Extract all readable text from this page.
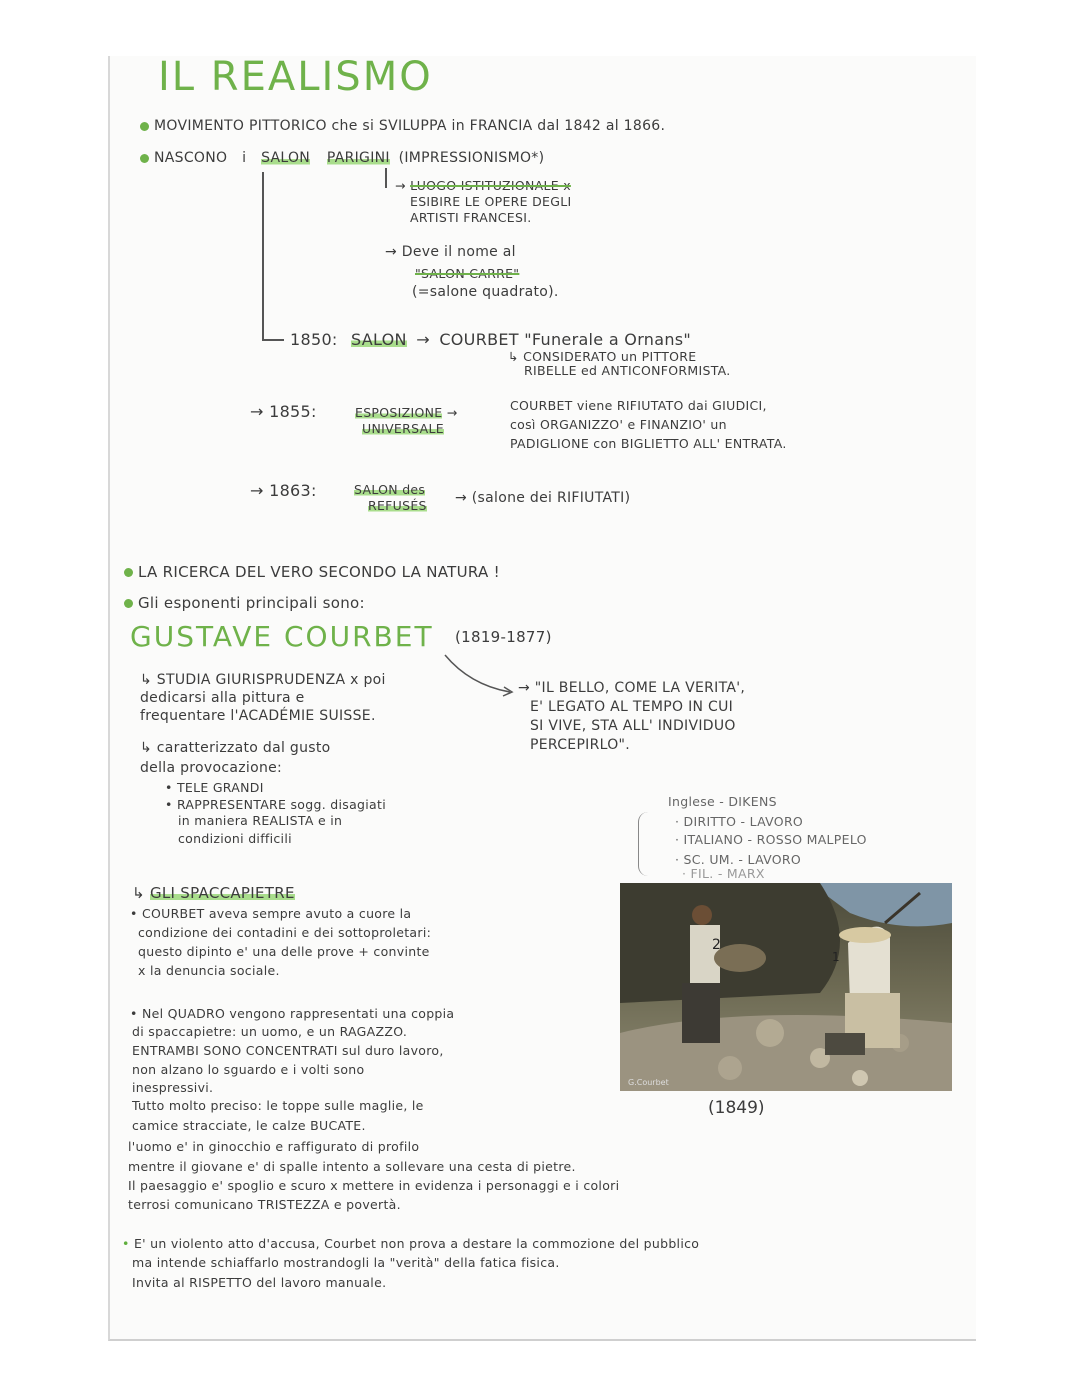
IL REALISMO
MOVIMENTO PITTORICO che si SVILUPPA in FRANCIA dal 1842 al 1866.
NASCONO i SALON PARIGINI (IMPRESSIONISMO*)
→ LUOGO ISTITUZIONALE x
ESIBIRE LE OPERE DEGLI
ARTISTI FRANCESI.
→ Deve il nome al
"SALON CARRE"
(=salone quadrato).
1850: SALON → COURBET "Funerale a Ornans"
↳ CONSIDERATO un PITTORE
RIBELLE ed ANTICONFORMISTA.
→ 1855:	ESPOSIZIONE →
UNIVERSALE
COURBET viene RIFIUTATO dai GIUDICI,
così ORGANIZZO' e FINANZIO' un
PADIGLIONE con BIGLIETTO ALL' ENTRATA.
→ 1863:	SALON des
REFUSÉS → (salone dei RIFIUTATI)
LA RICERCA DEL VERO SECONDO LA NATURA !
Gli esponenti principali sono:
GUSTAVE COURBET (1819-1877)
↳ STUDIA GIURISPRUDENZA x poi
dedicarsi alla pittura e
frequentare l'ACADÉMIE SUISSE.
→ "IL BELLO, COME LA VERITA',
E' LEGATO AL TEMPO IN CUI
SI VIVE, STA ALL' INDIVIDUO
PERCEPIRLO".
↳ caratterizzato dal gusto
della provocazione:
• TELE GRANDI
• RAPPRESENTARE sogg. disagiati
in maniera REALISTA e in
condizioni difficili
Inglese - DIKENS
· DIRITTO - LAVORO
· ITALIANO - ROSSO MALPELO
· SC. UM. - LAVORO
· FIL. - MARX
↳ GLI SPACCAPIETRE
• COURBET aveva sempre avuto a cuore la
condizione dei contadini e dei sottoproletari:
questo dipinto e' una delle prove + convinte
x la denuncia sociale.
• Nel QUADRO vengono rappresentati una coppia
di spaccapietre: un uomo, e un RAGAZZO.
ENTRAMBI SONO CONCENTRATI sul duro lavoro,
non alzano lo sguardo e i volti sono
inespressivi.
Tutto molto preciso: le toppe sulle maglie, le
camice stracciate, le calze BUCATE.
l'uomo e' in ginocchio e raffigurato di profilo
mentre il giovane e' di spalle intento a sollevare una cesta di pietre.
Il paesaggio e' spoglio e scuro x mettere in evidenza i personaggi e i colori
terrosi comunicano TRISTEZZA e povertà.
• E' un violento atto d'accusa, Courbet non prova a destare la commozione del pubblico
ma intende schiaffarlo mostrandogli la "verità" della fatica fisica.
Invita al RISPETTO del lavoro manuale.
2
1
G.Courbet
(1849)
